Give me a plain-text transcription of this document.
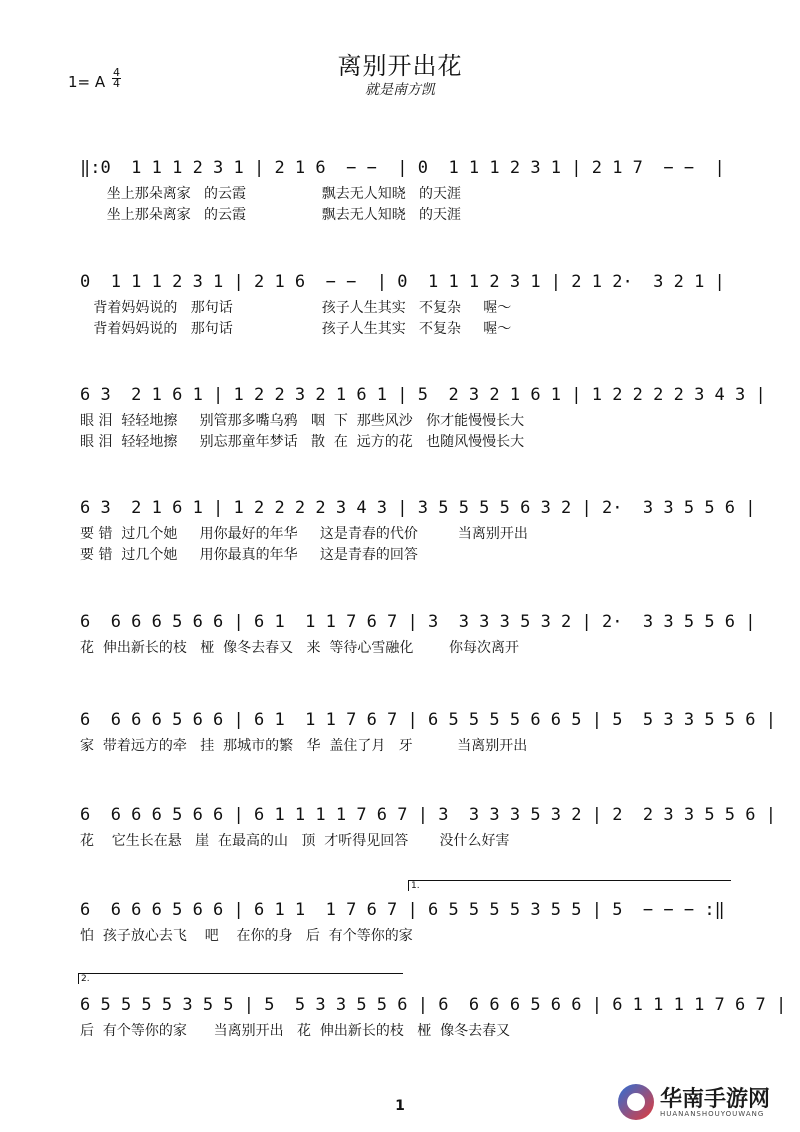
离别开出花
就是南方凯
1= A
4
4
‖:0  1 1 1 2 3 1 | 2 1 6  − −  | 0  1 1 1 2 3 1 | 2 1 7  − −  |
坐上那朵离家   的云霞                 飘去无人知晓   的天涯
坐上那朵离家   的云霞                 飘去无人知晓   的天涯
0  1 1 1 2 3 1 | 2 1 6  − −  | 0  1 1 1 2 3 1 | 2 1 2·  3 2 1 |
背着妈妈说的   那句话                    孩子人生其实   不复杂     喔～
背着妈妈说的   那句话                    孩子人生其实   不复杂     喔～
6 3  2 1 6 1 | 1 2 2 3 2 1 6 1 | 5  2 3 2 1 6 1 | 1 2 2 2 2 3 4 3 |
眼 泪  轻轻地擦     别管那多嘴乌鸦   咽  下  那些风沙   你才能慢慢长大
眼 泪  轻轻地擦     别忘那童年梦话   散  在  远方的花   也随风慢慢长大
6 3  2 1 6 1 | 1 2 2 2 2 3 4 3 | 3 5 5 5 5 6 3 2 | 2·  3 3 5 5 6 |
要 错  过几个她     用你最好的年华     这是青春的代价         当离别开出
要 错  过几个她     用你最真的年华     这是青春的回答
6  6 6 6 5 6 6 | 6 1  1 1 7 6 7 | 3  3 3 3 5 3 2 | 2·  3 3 5 5 6 |
花  伸出新长的枝   桠  像冬去春又   来  等待心雪融化        你每次离开
6  6 6 6 5 6 6 | 6 1  1 1 7 6 7 | 6 5 5 5 5 6 6 5 | 5  5 3 3 5 5 6 |
家  带着远方的牵   挂  那城市的繁   华  盖住了月   牙          当离别开出
6  6 6 6 5 6 6 | 6 1 1 1 1 7 6 7 | 3  3 3 3 5 3 2 | 2  2 3 3 5 5 6 |
花    它生长在悬   崖  在最高的山   顶  才听得见回答       没什么好害
1.
6  6 6 6 5 6 6 | 6 1 1  1 7 6 7 | 6 5 5 5 5 3 5 5 | 5  − − − :‖
怕  孩子放心去飞    吧    在你的身   后  有个等你的家
2.
6 5 5 5 5 3 5 5 | 5  5 3 3 5 5 6 | 6  6 6 6 5 6 6 | 6 1 1 1 1 7 6 7 |
后  有个等你的家      当离别开出   花  伸出新长的枝   桠  像冬去春又
1	华南手游网
HUANANSHOUYOUWANG
